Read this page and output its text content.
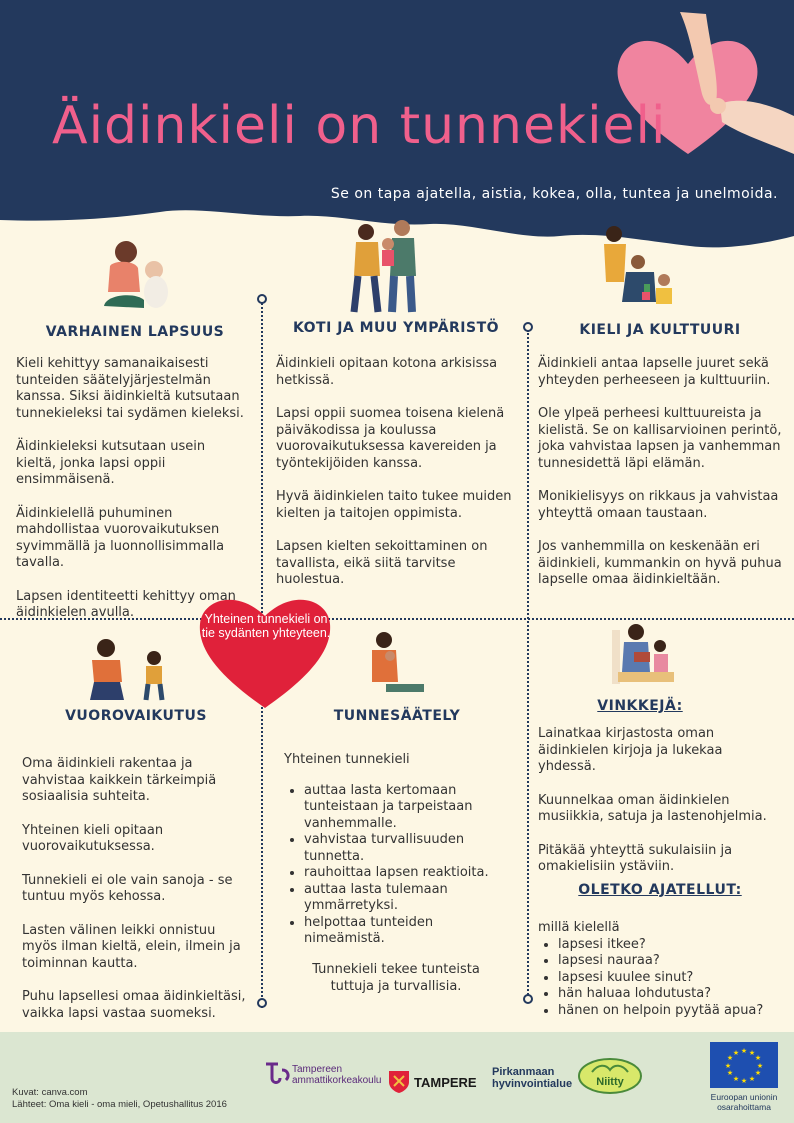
Äidinkieli on tunnekieli
Se on tapa ajatella, aistia, kokea, olla, tuntea ja unelmoida.
VARHAINEN LAPSUUS

Kieli kehittyy samanaikaisesti tunteiden säätelyjärjestelmän kanssa. Siksi äidinkieltä kutsutaan tunnekieleksi tai sydämen kieleksi.

Äidinkieleksi kutsutaan usein kieltä, jonka lapsi oppii ensimmäisenä.

Äidinkielellä puhuminen mahdollistaa vuorovaikutuksen syvimmällä ja luonnollisimmalla tavalla.

Lapsen identiteetti kehittyy oman äidinkielen avulla.

KOTI JA MUU YMPÄRISTÖ

Äidinkieli opitaan kotona arkisissa hetkissä.

Lapsi oppii suomea toisena kielenä päiväkodissa ja koulussa vuorovaikutuksessa kavereiden ja työntekijöiden kanssa.

Hyvä äidinkielen taito tukee muiden kielten ja taitojen oppimista.

Lapsen kielten sekoittaminen on tavallista, eikä siitä tarvitse huolestua.

KIELI JA KULTTUURI

Äidinkieli antaa lapselle juuret sekä yhteyden perheeseen ja kulttuuriin.

Ole ylpeä perheesi kulttuureista ja kielistä. Se on kallisarvioinen perintö, joka vahvistaa lapsen ja vanhemman tunnesidettä läpi elämän.

Monikielisyys on rikkaus ja vahvistaa yhteyttä omaan taustaan.

Jos vanhemmilla on keskenään eri äidinkieli, kummankin on hyvä puhua lapselle omaa äidinkieltään.

Yhteinen tunnekieli on tie sydänten yhteyteen.
VUOROVAIKUTUS

Oma äidinkieli rakentaa ja vahvistaa kaikkein tärkeimpiä sosiaalisia suhteita.

Yhteinen kieli opitaan vuorovaikutuksessa.

Tunnekieli ei ole vain sanoja - se tuntuu myös kehossa.

Lasten välinen leikki onnistuu myös ilman kieltä, elein, ilmein ja toiminnan kautta.

Puhu lapsellesi omaa äidinkieltäsi, vaikka lapsi vastaa suomeksi.

TUNNESÄÄTELY
Yhteinen tunnekieli
• auttaa lasta kertomaan tunteistaan ja tarpeistaan vanhemmalle.
• vahvistaa turvallisuuden tunnetta.
• rauhoittaa lapsen reaktioita.
• auttaa lasta tulemaan ymmärretyksi.
• helpottaa tunteiden nimeämistä.
Tunnekieli tekee tunteista tuttuja ja turvallisia.
VINKKEJÄ:

Lainatkaa kirjastosta oman äidinkielen kirjoja ja lukekaa yhdessä.

Kuunnelkaa oman äidinkielen musiikkia, satuja ja lastenohjelmia.

Pitäkää yhteyttä sukulaisiin ja omakielisiin ystäviin.

OLETKO AJATELLUT:
millä kielellä
• lapsesi itkee?
• lapsesi nauraa?
• lapsesi kuulee sinut?
• hän haluaa lohdutusta?
• hänen on helpoin pyytää apua?
Kuvat: canva.com
Lähteet: Oma kieli - oma mieli, Opetushallitus 2016
Tampereen ammattikorkeakoulu	TAMPERE
Pirkanmaan hyvinvointialue	Niitty
★ ★
★
★
★
★
★
★
★
★
★
★
Euroopan unionin osarahoittama
